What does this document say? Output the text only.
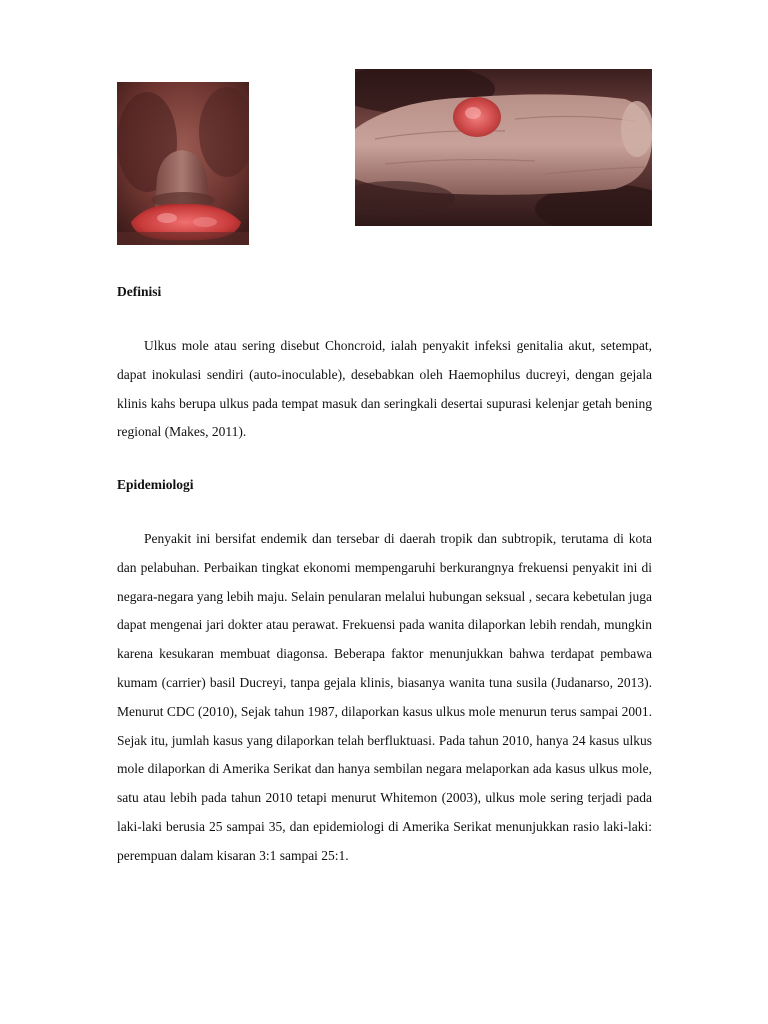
Definisi

Ulkus mole atau sering disebut Choncroid, ialah penyakit infeksi genitalia akut, setempat, dapat inokulasi sendiri (auto-inoculable), desebabkan oleh Haemophilus ducreyi, dengan gejala klinis kahs berupa ulkus pada tempat masuk dan seringkali desertai supurasi kelenjar getah bening regional (Makes, 2011).

Epidemiologi

Penyakit ini bersifat endemik dan tersebar di daerah tropik dan subtropik, terutama di kota dan pelabuhan. Perbaikan tingkat ekonomi mempengaruhi berkurangnya frekuensi penyakit ini di negara-negara yang lebih maju. Selain penularan melalui hubungan seksual , secara kebetulan juga dapat mengenai jari dokter atau perawat. Frekuensi pada wanita dilaporkan lebih rendah, mungkin karena kesukaran membuat diagonsa. Beberapa faktor menunjukkan bahwa terdapat pembawa kumam (carrier) basil Ducreyi, tanpa gejala klinis, biasanya wanita tuna susila (Judanarso, 2013). Menurut CDC (2010), Sejak tahun 1987, dilaporkan kasus ulkus mole menurun terus sampai 2001. Sejak itu, jumlah kasus yang dilaporkan telah berfluktuasi. Pada tahun 2010, hanya 24 kasus ulkus mole dilaporkan di Amerika Serikat dan hanya sembilan negara melaporkan ada kasus ulkus mole, satu atau lebih pada tahun 2010 tetapi menurut Whitemon (2003), ulkus mole sering terjadi pada laki-laki berusia 25 sampai 35, dan epidemiologi di Amerika Serikat menunjukkan rasio laki-laki: perempuan dalam kisaran 3:1 sampai 25:1.
